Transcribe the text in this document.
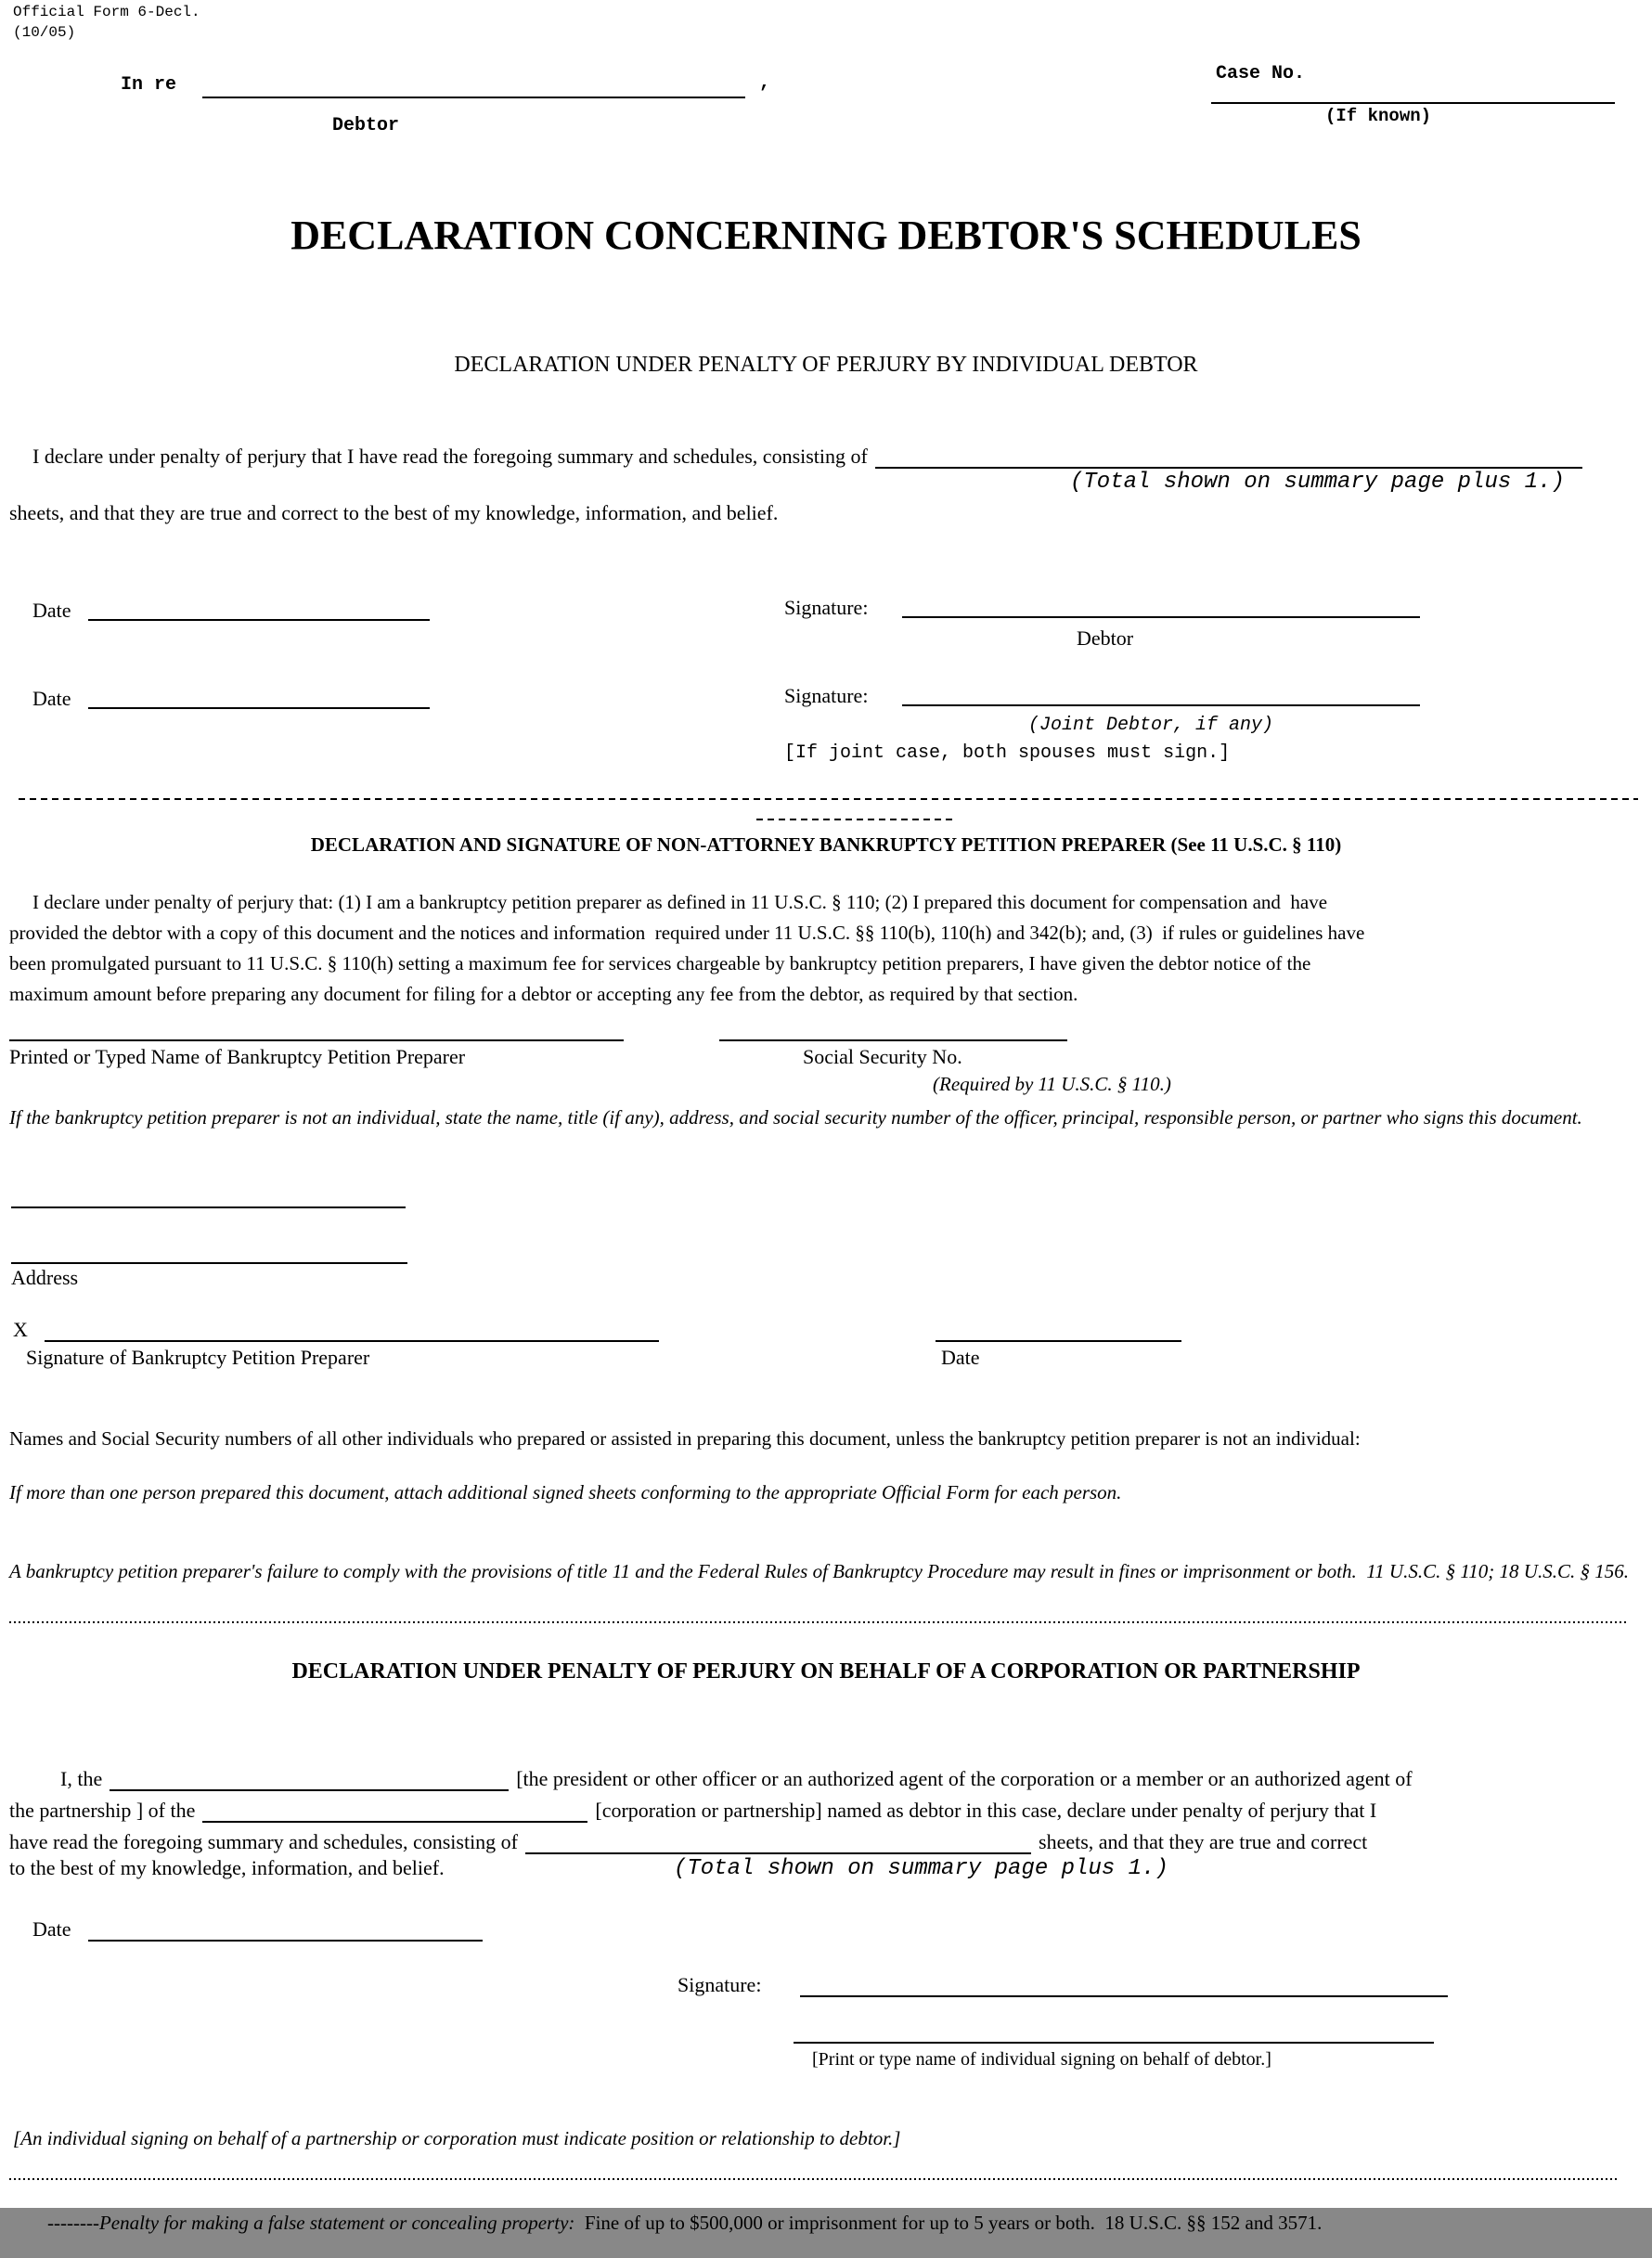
Official Form 6-Decl.
(10/05)
In re	,
Debtor
Case No.
(If known)
DECLARATION CONCERNING DEBTOR'S SCHEDULES
DECLARATION UNDER PENALTY OF PERJURY BY INDIVIDUAL DEBTOR
I declare under penalty of perjury that I have read the foregoing summary and schedules, consisting of
(Total shown on summary page plus 1.)
sheets, and that they are true and correct to the best of my knowledge, information, and belief.
Date	Signature:
Debtor
Date	Signature:
(Joint Debtor, if any)
[If joint case, both spouses must sign.]
DECLARATION AND SIGNATURE OF NON-ATTORNEY BANKRUPTCY PETITION PREPARER (See 11 U.S.C. § 110)
I declare under penalty of perjury that: (1) I am a bankruptcy petition preparer as defined in 11 U.S.C. § 110; (2) I prepared this document for compensation and  have
provided the debtor with a copy of this document and the notices and information  required under 11 U.S.C. §§ 110(b), 110(h) and 342(b); and, (3)  if rules or guidelines have
been promulgated pursuant to 11 U.S.C. § 110(h) setting a maximum fee for services chargeable by bankruptcy petition preparers, I have given the debtor notice of the
maximum amount before preparing any document for filing for a debtor or accepting any fee from the debtor, as required by that section.
Printed or Typed Name of Bankruptcy Petition Preparer	Social Security No.
(Required by 11 U.S.C. § 110.)
If the bankruptcy petition preparer is not an individual, state the name, title (if any), address, and social security number of the officer, principal, responsible person, or partner who signs this document.
Address
X
Signature of Bankruptcy Petition Preparer	Date
Names and Social Security numbers of all other individuals who prepared or assisted in preparing this document, unless the bankruptcy petition preparer is not an individual:
If more than one person prepared this document, attach additional signed sheets conforming to the appropriate Official Form for each person.
A bankruptcy petition preparer's failure to comply with the provisions of title 11 and the Federal Rules of Bankruptcy Procedure may result in fines or imprisonment or both.  11 U.S.C. § 110; 18 U.S.C. § 156.
DECLARATION UNDER PENALTY OF PERJURY ON BEHALF OF A CORPORATION OR PARTNERSHIP
I, the	[the president or other officer or an authorized agent of the corporation or a member or an authorized agent of
the partnership ] of the	[corporation or partnership] named as debtor in this case, declare under penalty of perjury that I
have read the foregoing summary and schedules, consisting of	sheets, and that they are true and correct
to the best of my knowledge, information, and belief.	(Total shown on summary page plus 1.)
Date
Signature:
[Print or type name of individual signing on behalf of debtor.]
[An individual signing on behalf of a partnership or corporation must indicate position or relationship to debtor.]

--------Penalty for making a false statement or concealing property:  Fine of up to $500,000 or imprisonment for up to 5 years or both.  18 U.S.C. §§ 152 and 3571.
